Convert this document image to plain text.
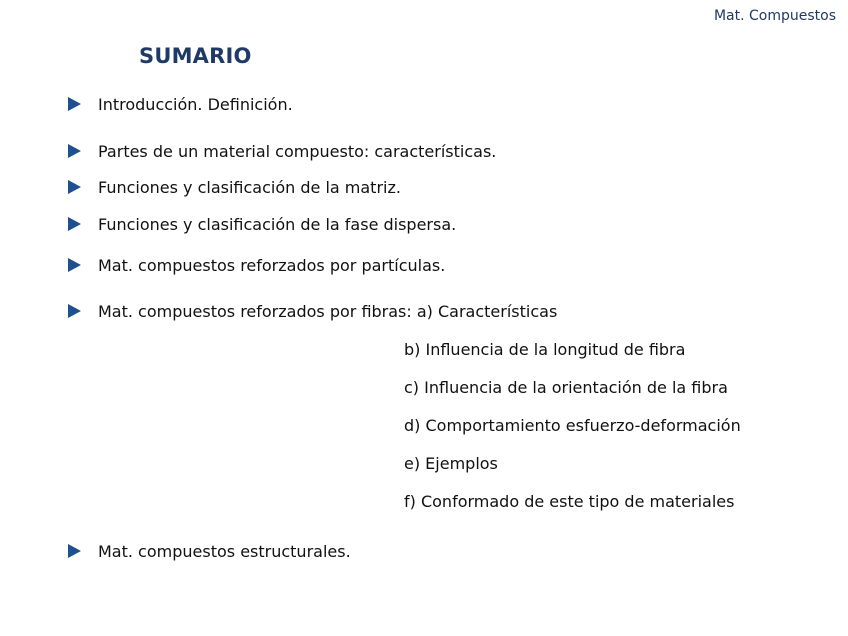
Mat. Compuestos
SUMARIO
Introducción. Definición.
Partes de un material compuesto: características.
Funciones y clasificación de la matriz.
Funciones y clasificación de la fase dispersa.
Mat. compuestos reforzados por partículas.
Mat. compuestos reforzados por fibras: a) Características
b) Influencia de la longitud de fibra
c) Influencia de la orientación de la fibra
d) Comportamiento esfuerzo-deformación
e) Ejemplos
f) Conformado de este tipo de materiales
Mat. compuestos estructurales.
